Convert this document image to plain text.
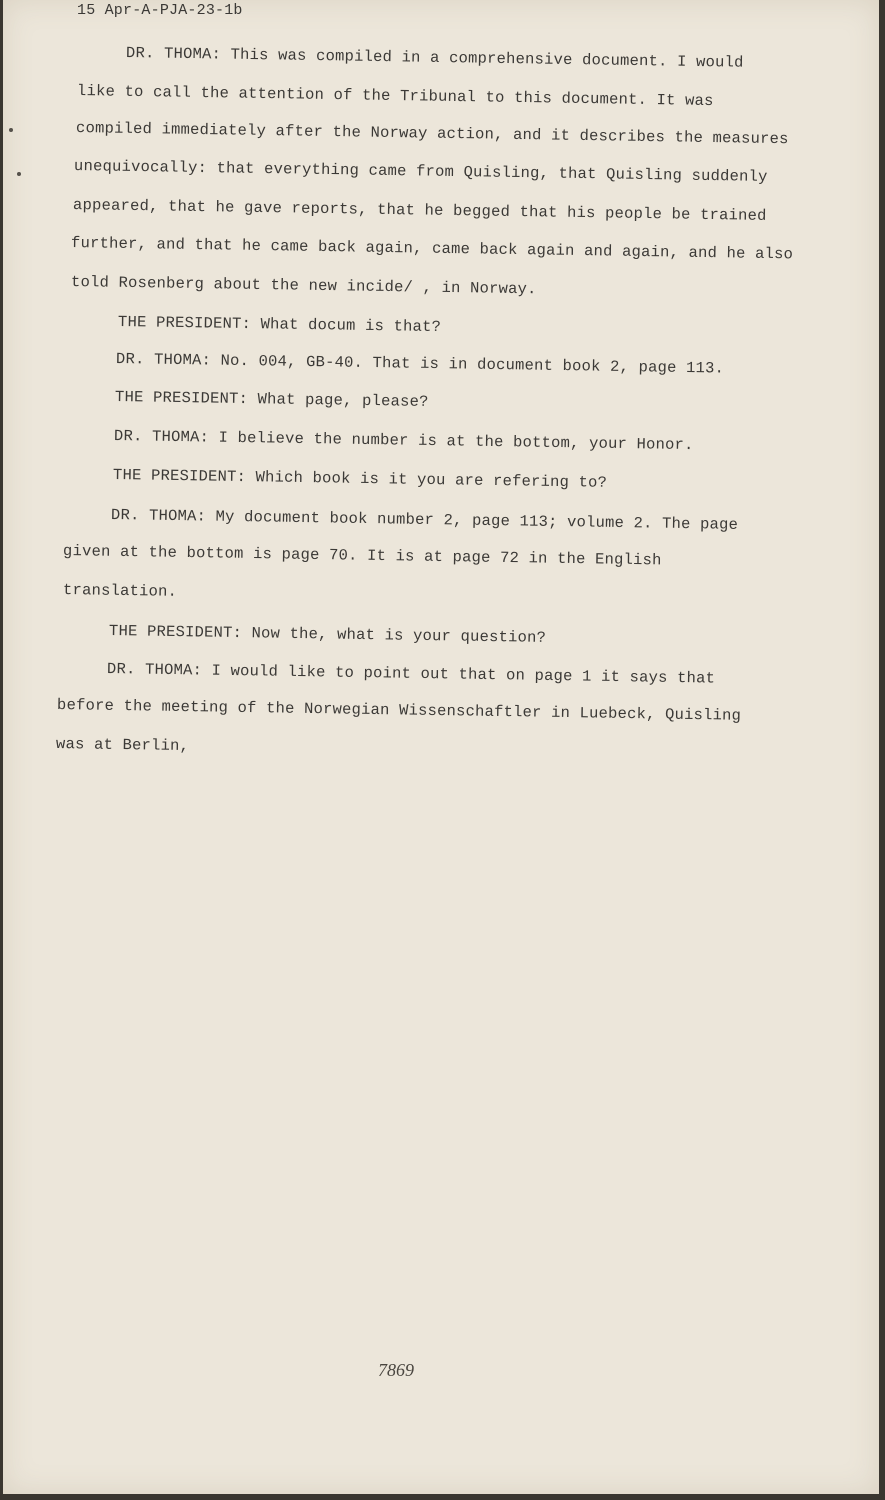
15 Apr-A-PJA-23-1b
DR. THOMA: This was compiled in a comprehensive document. I would
like to call the attention of the Tribunal to this document. It was
compiled immediately after the Norway action, and it describes the measures
unequivocally: that everything came from Quisling, that Quisling suddenly
appeared, that he gave reports, that he begged that his people be trained
further, and that he came back again, came back again and again, and he also
told Rosenberg about the new incide/ , in Norway.
THE PRESIDENT: What docum is that?
DR. THOMA: No. 004, GB-40. That is in document book 2, page 113.
THE PRESIDENT: What page, please?
DR. THOMA: I believe the number is at the bottom, your Honor.
THE PRESIDENT: Which book is it you are refering to?
DR. THOMA: My document book number 2, page 113; volume 2. The page
given at the bottom is page 70. It is at page 72 in the English
translation.
THE PRESIDENT: Now the, what is your question?
DR. THOMA: I would like to point out that on page 1 it says that
before the meeting of the Norwegian Wissenschaftler in Luebeck, Quisling
was at Berlin,
7869
